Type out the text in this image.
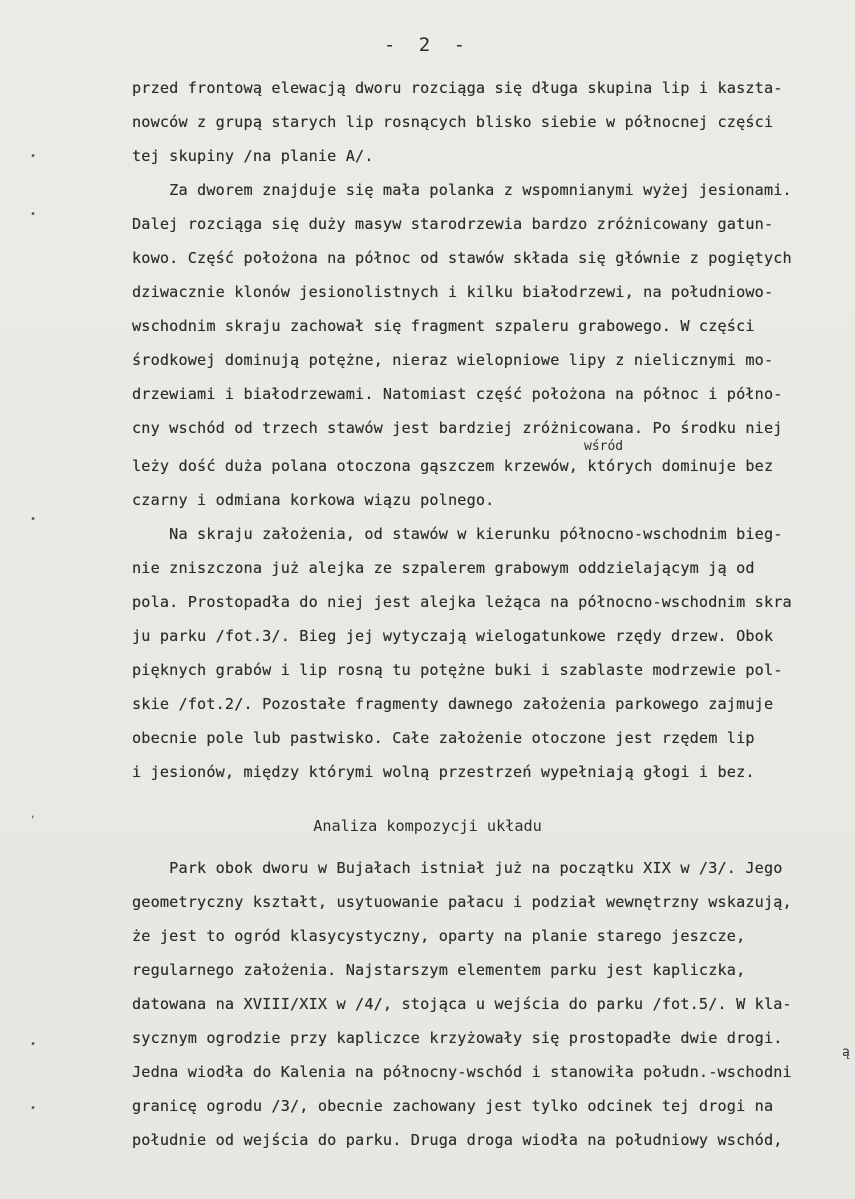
- 2 -
przed frontową elewacją dworu rozciąga się długa skupina lip i kaszta-
nowców z grupą starych lip rosnących blisko siebie w północnej części
tej skupiny /na planie A/.
Za dworem znajduje się mała polanka z wspomnianymi wyżej jesionami.
Dalej rozciąga się duży masyw starodrzewia bardzo zróżnicowany gatun-
kowo. Część położona na północ od stawów składa się głównie z pogiętych
dziwacznie klonów jesionolistnych i kilku białodrzewi, na południowo-
wschodnim skraju zachował się fragment szpaleru grabowego. W części
środkowej dominują potężne, nieraz wielopniowe lipy z nielicznymi mo-
drzewiami i białodrzewami. Natomiast część położona na północ i półno-
cny wschód od trzech stawów jest bardziej zróżnicowana. Po środku niej
wśród
leży dość duża polana otoczona gąszczem krzewów, których dominuje bez
czarny i odmiana korkowa wiązu polnego.
Na skraju założenia, od stawów w kierunku północno-wschodnim bieg-
nie zniszczona już alejka ze szpalerem grabowym oddzielającym ją od
pola. Prostopadła do niej jest alejka leżąca na północno-wschodnim skra
ju parku /fot.3/. Bieg jej wytyczają wielogatunkowe rzędy drzew. Obok
pięknych grabów i lip rosną tu potężne buki i szablaste modrzewie pol-
skie /fot.2/. Pozostałe fragmenty dawnego założenia parkowego zajmuje
obecnie pole lub pastwisko. Całe założenie otoczone jest rzędem lip
i jesionów, między którymi wolną przestrzeń wypełniają głogi i bez.
Analiza kompozycji układu
Park obok dworu w Bujałach istniał już na początku XIX w /3/. Jego
geometryczny kształt, usytuowanie pałacu i podział wewnętrzny wskazują,
że jest to ogród klasycystyczny, oparty na planie starego jeszcze,
regularnego założenia. Najstarszym elementem parku jest kapliczka,
datowana na XVIII/XIX w /4/, stojąca u wejścia do parku /fot.5/. W kla-
sycznym ogrodzie przy kapliczce krzyżowały się prostopadłe dwie drogi.
ą
Jedna wiodła do Kalenia na północny-wschód i stanowiła połudn.-wschodni
granicę ogrodu /3/, obecnie zachowany jest tylko odcinek tej drogi na
południe od wejścia do parku. Druga droga wiodła na południowy wschód,
•
•
•
,
•
•
